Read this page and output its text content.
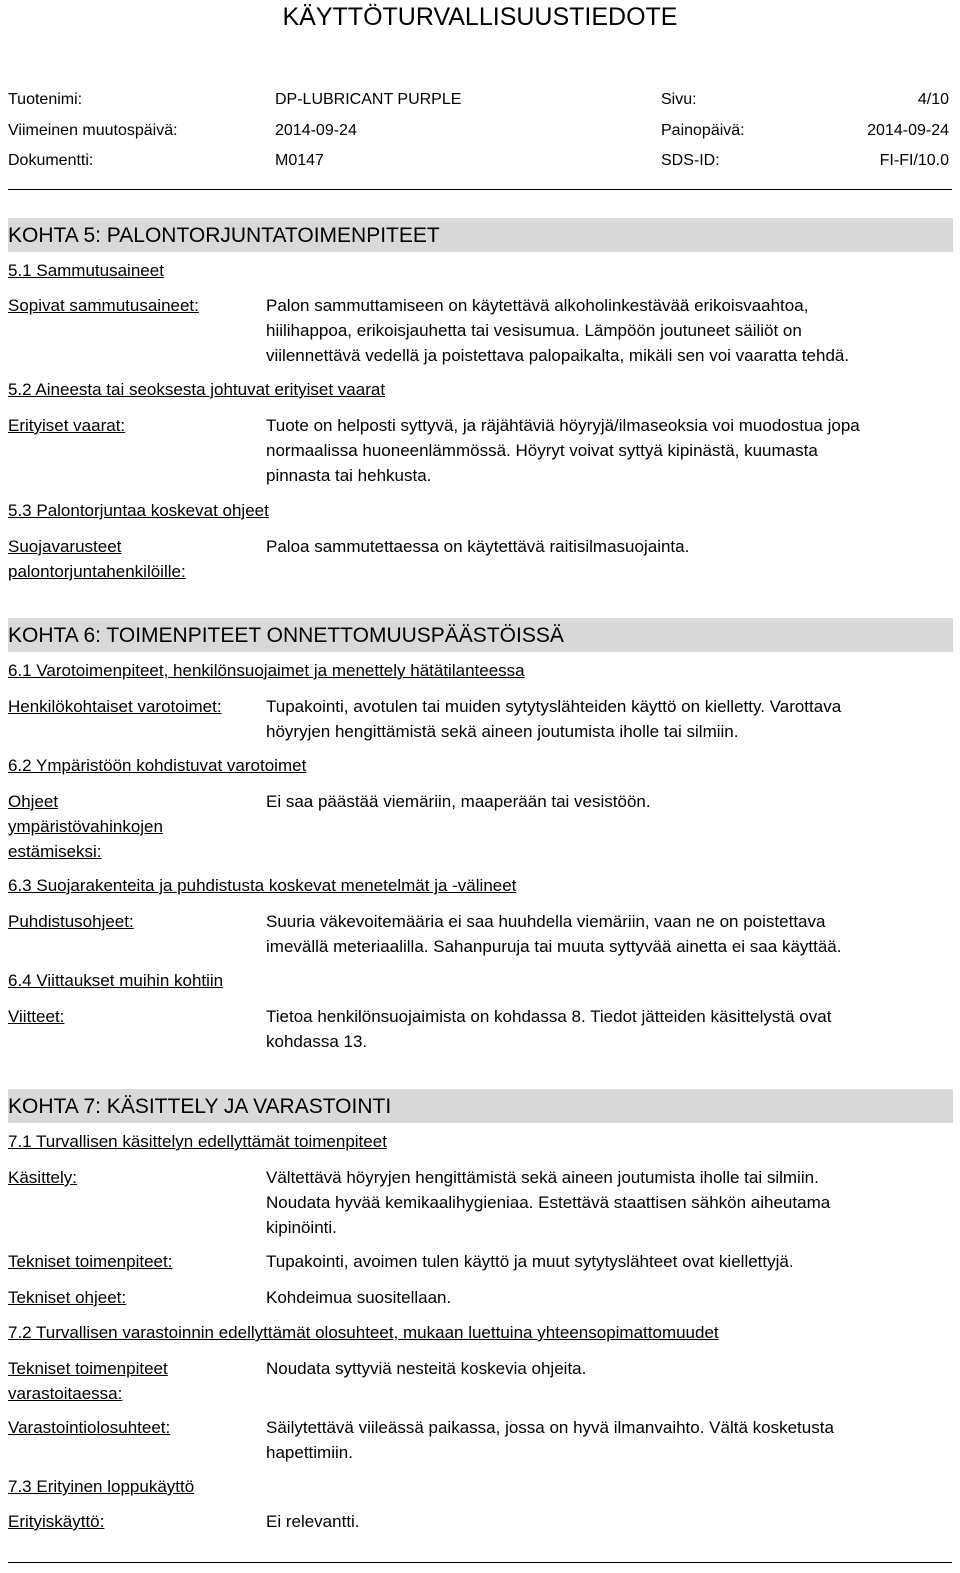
KÄYTTÖTURVALLISUUSTIEDOTE
Tuotenimi:	DP-LUBRICANT PURPLE	Sivu:	4/10
Viimeinen muutospäivä:	2014-09-24	Painopäivä:	2014-09-24
Dokumentti:	M0147	SDS-ID:	FI-FI/10.0
KOHTA 5: PALONTORJUNTATOIMENPITEET
5.1 Sammutusaineet
Sopivat sammutusaineet:	Palon sammuttamiseen on käytettävä alkoholinkestävää erikoisvaahtoa,
hiilihappoa, erikoisjauhetta tai vesisumua. Lämpöön joutuneet säiliöt on
viilennettävä vedellä ja poistettava palopaikalta, mikäli sen voi vaaratta tehdä.
5.2 Aineesta tai seoksesta johtuvat erityiset vaarat
Erityiset vaarat:	Tuote on helposti syttyvä, ja räjähtäviä höyryjä/ilmaseoksia voi muodostua jopa
normaalissa huoneenlämmössä. Höyryt voivat syttyä kipinästä, kuumasta
pinnasta tai hehkusta.
5.3 Palontorjuntaa koskevat ohjeet
Suojavarusteet
palontorjuntahenkilöille:
Paloa sammutettaessa on käytettävä raitisilmasuojainta.
KOHTA 6: TOIMENPITEET ONNETTOMUUSPÄÄSTÖISSÄ
6.1 Varotoimenpiteet, henkilönsuojaimet ja menettely hätätilanteessa
Henkilökohtaiset varotoimet:	Tupakointi, avotulen tai muiden sytytyslähteiden käyttö on kielletty. Varottava
höyryjen hengittämistä sekä aineen joutumista iholle tai silmiin.
6.2 Ympäristöön kohdistuvat varotoimet
Ohjeet
ympäristövahinkojen
estämiseksi:
Ei saa päästää viemäriin, maaperään tai vesistöön.
6.3 Suojarakenteita ja puhdistusta koskevat menetelmät ja -välineet
Puhdistusohjeet:	Suuria väkevoitemääria ei saa huuhdella viemäriin, vaan ne on poistettava
imevällä meteriaalilla. Sahanpuruja tai muuta syttyvää ainetta ei saa käyttää.
6.4 Viittaukset muihin kohtiin
Viitteet:	Tietoa henkilönsuojaimista on kohdassa 8. Tiedot jätteiden käsittelystä ovat
kohdassa 13.
KOHTA 7: KÄSITTELY JA VARASTOINTI
7.1 Turvallisen käsittelyn edellyttämät toimenpiteet
Käsittely:	Vältettävä höyryjen hengittämistä sekä aineen joutumista iholle tai silmiin.
Noudata hyvää kemikaalihygieniaa. Estettävä staattisen sähkön aiheutama
kipinöinti.
Tekniset toimenpiteet:	Tupakointi, avoimen tulen käyttö ja muut sytytyslähteet ovat kiellettyjä.
Tekniset ohjeet:	Kohdeimua suositellaan.
7.2 Turvallisen varastoinnin edellyttämät olosuhteet, mukaan luettuina yhteensopimattomuudet
Tekniset toimenpiteet
varastoitaessa:
Noudata syttyviä nesteitä koskevia ohjeita.
Varastointiolosuhteet:	Säilytettävä viileässä paikassa, jossa on hyvä ilmanvaihto. Vältä kosketusta
hapettimiin.
7.3 Erityinen loppukäyttö
Erityiskäyttö:	Ei relevantti.
